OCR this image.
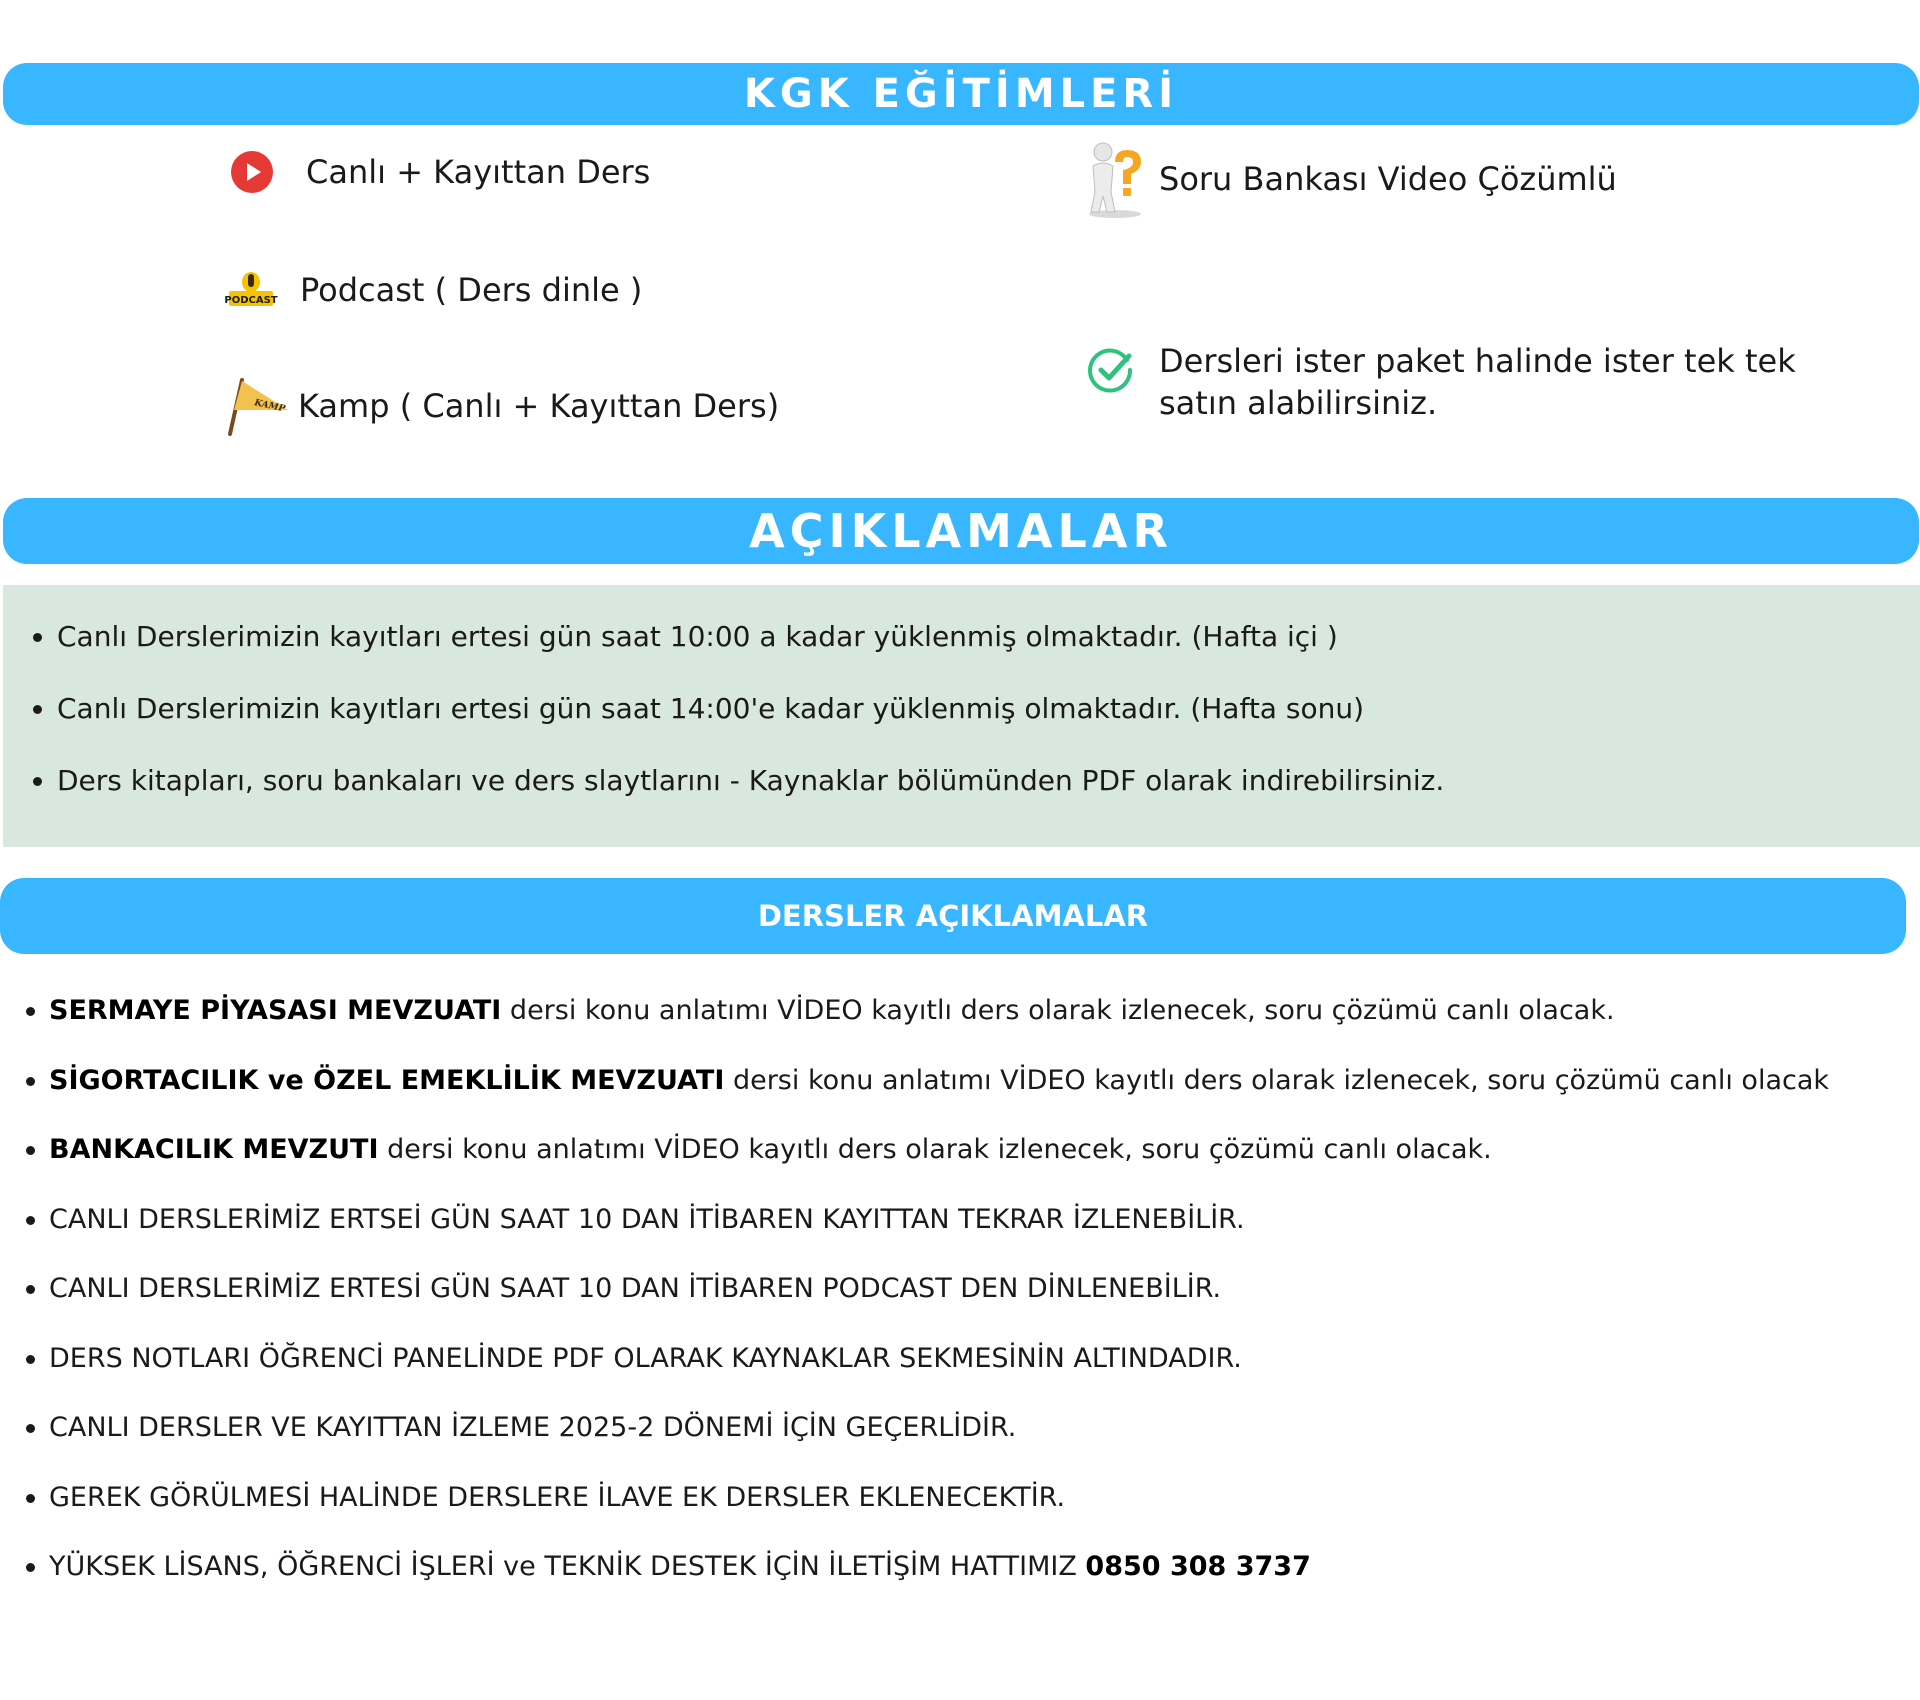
KGK EĞİTİMLERİ
Canlı + Kayıttan Ders
PODCAST Podcast ( Ders dinle )
KAMP Kamp ( Canlı + Kayıttan Ders)
Soru Bankası Video Çözümlü
Dersleri ister paket halinde ister tek tek satın alabilirsiniz.
AÇIKLAMALAR
Canlı Derslerimizin kayıtları ertesi gün saat 10:00 a kadar yüklenmiş olmaktadır. (Hafta içi )
Canlı Derslerimizin kayıtları ertesi gün saat 14:00'e kadar yüklenmiş olmaktadır. (Hafta sonu)
Ders kitapları, soru bankaları ve ders slaytlarını - Kaynaklar bölümünden PDF olarak indirebilirsiniz.
DERSLER AÇIKLAMALAR
SERMAYE PİYASASI MEVZUATI dersi konu anlatımı VİDEO kayıtlı ders olarak izlenecek, soru çözümü canlı olacak.
SİGORTACILIK ve ÖZEL EMEKLİLİK MEVZUATI dersi konu anlatımı VİDEO kayıtlı ders olarak izlenecek, soru çözümü canlı olacak
BANKACILIK MEVZUTI dersi konu anlatımı VİDEO kayıtlı ders olarak izlenecek, soru çözümü canlı olacak.
CANLI DERSLERİMİZ ERTSEİ GÜN SAAT 10 DAN İTİBAREN KAYITTAN TEKRAR İZLENEBİLİR.
CANLI DERSLERİMİZ ERTESİ GÜN SAAT 10 DAN İTİBAREN PODCAST DEN DİNLENEBİLİR.
DERS NOTLARI ÖĞRENCİ PANELİNDE PDF OLARAK KAYNAKLAR SEKMESİNİN ALTINDADIR.
CANLI DERSLER VE KAYITTAN İZLEME 2025-2 DÖNEMİ İÇİN GEÇERLİDİR.
GEREK GÖRÜLMESİ HALİNDE DERSLERE İLAVE EK DERSLER EKLENECEKTİR.
YÜKSEK LİSANS, ÖĞRENCİ İŞLERİ ve TEKNİK DESTEK İÇİN İLETİŞİM HATTIMIZ 0850 308 3737
